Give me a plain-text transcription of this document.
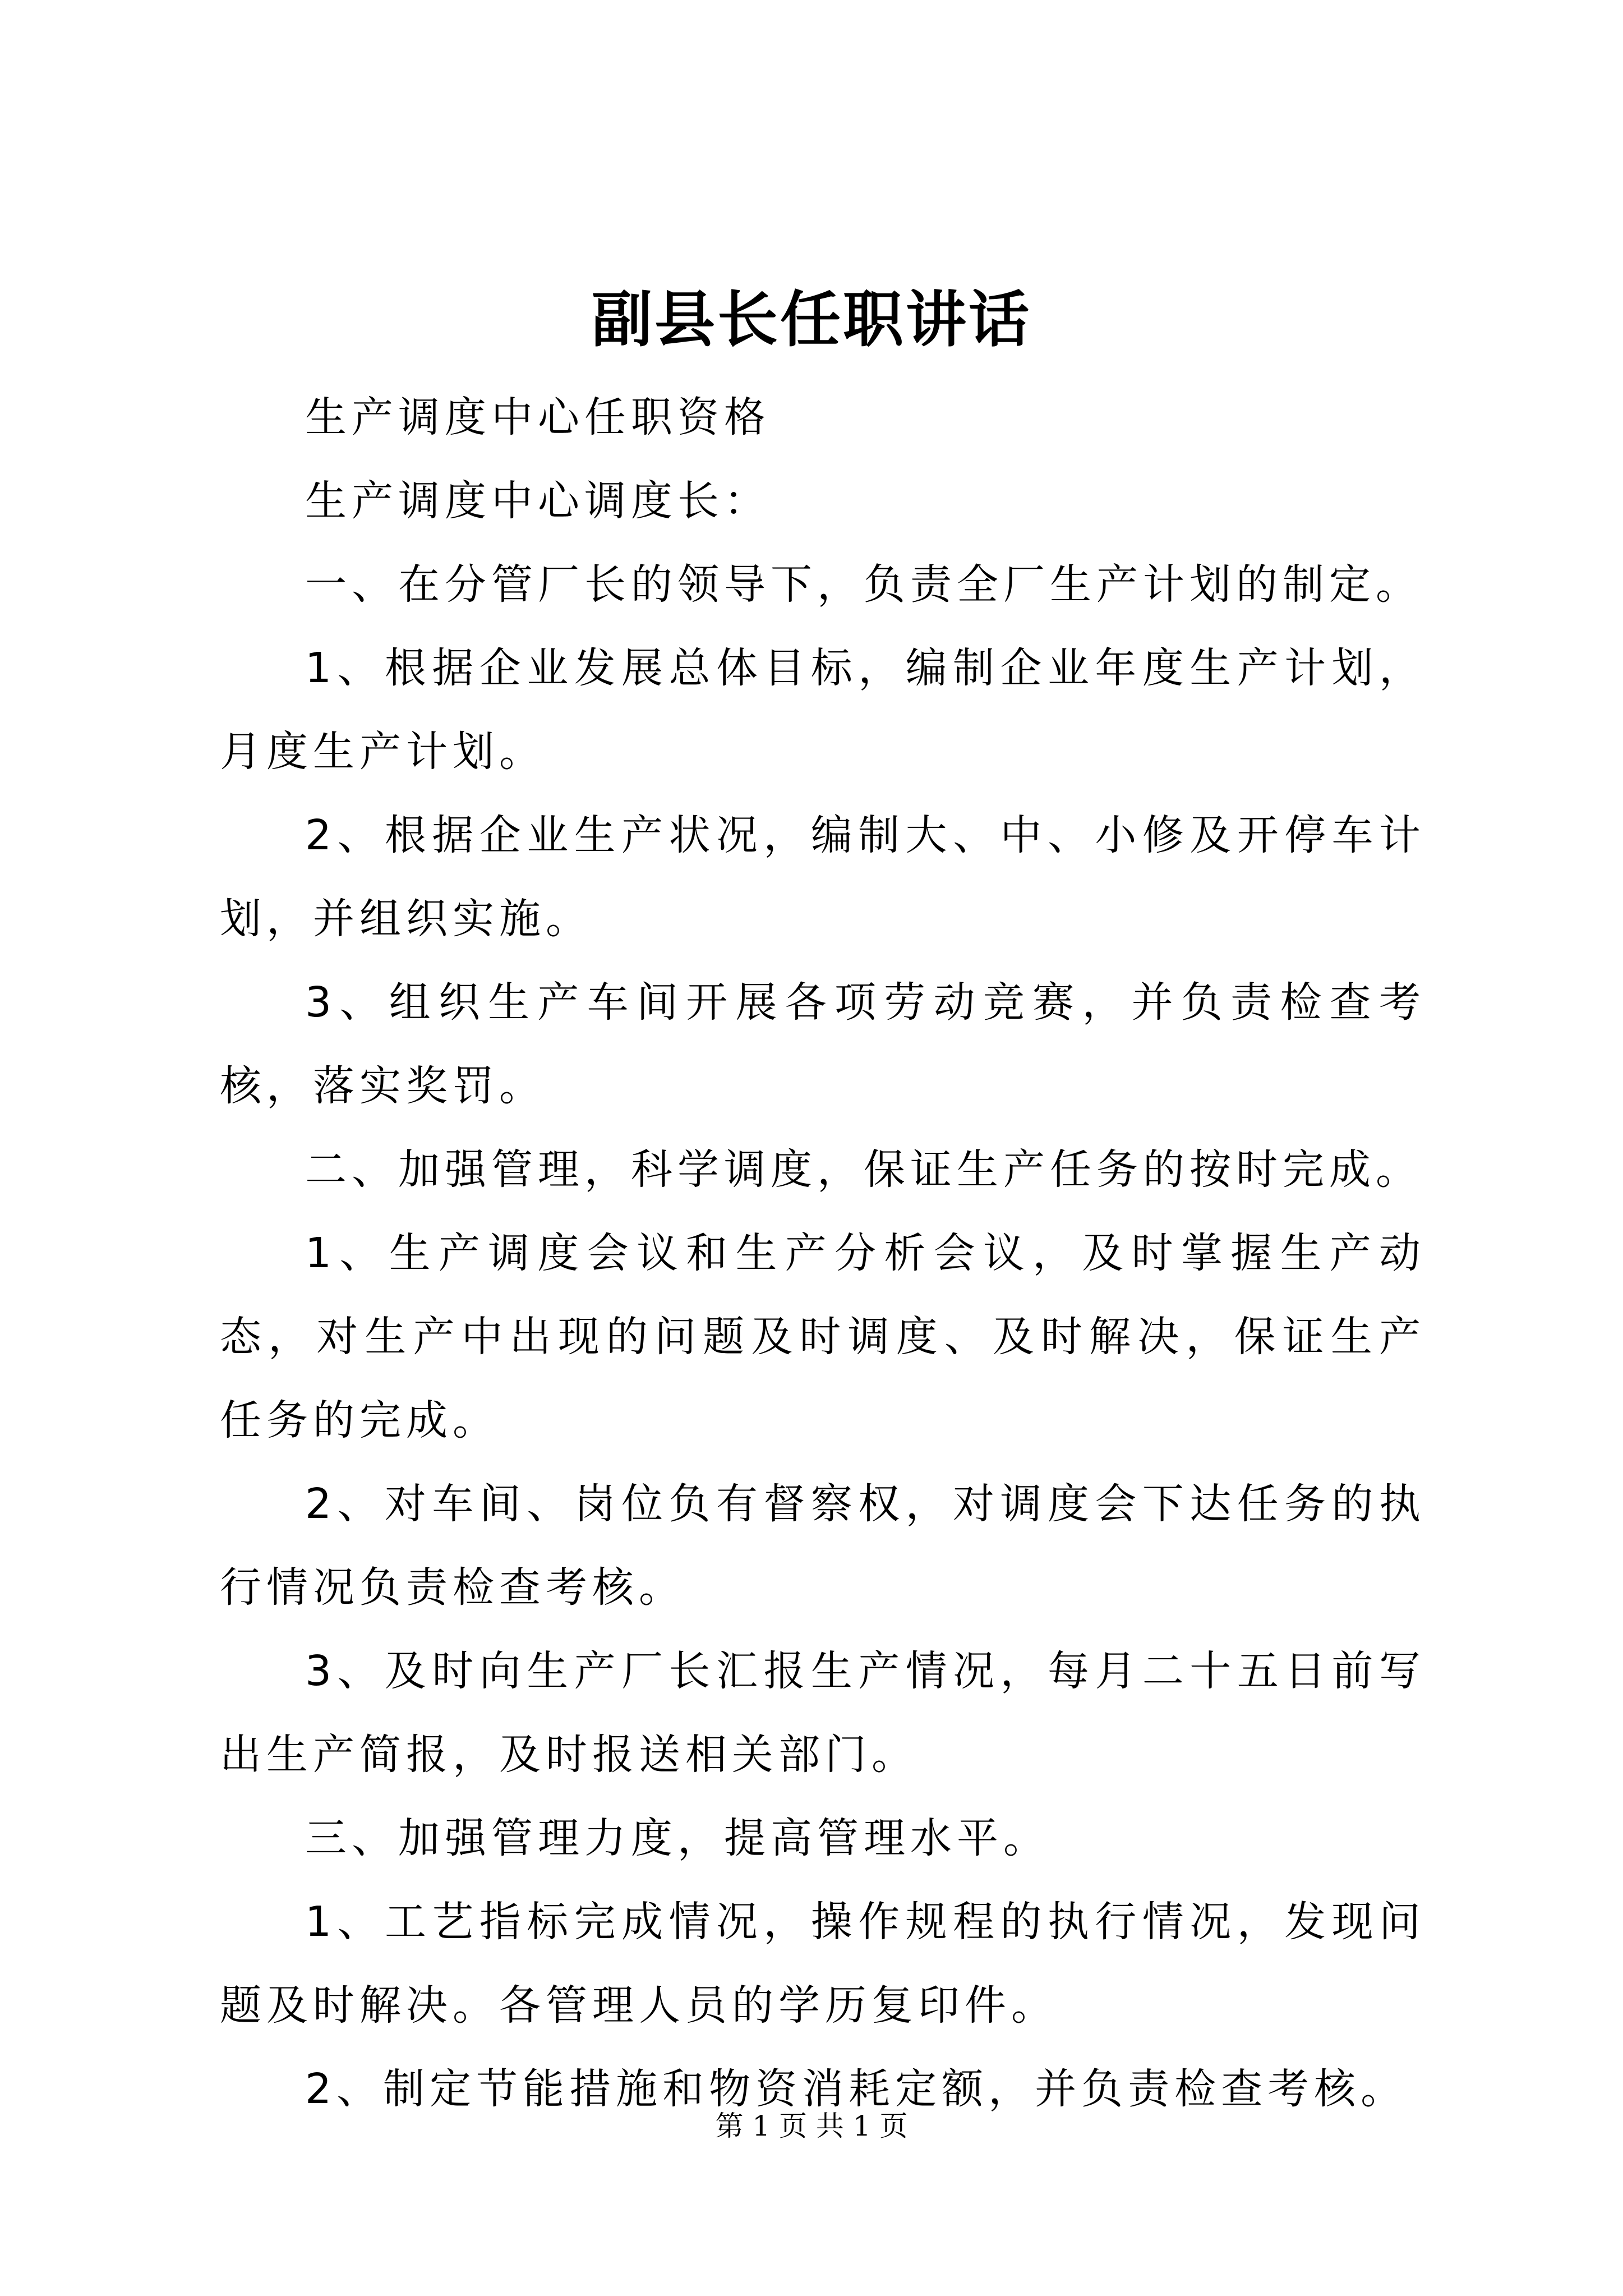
副县长任职讲话

生产调度中心任职资格

生产调度中心调度长：

一、在分管厂长的领导下，负责全厂生产计划的制定。

1、根据企业发展总体目标，编制企业年度生产计划，月度生产计划。

2、根据企业生产状况，编制大、中、小修及开停车计划，并组织实施。

3、组织生产车间开展各项劳动竞赛，并负责检查考核，落实奖罚。

二、加强管理，科学调度，保证生产任务的按时完成。

1、生产调度会议和生产分析会议，及时掌握生产动态，对生产中出现的问题及时调度、及时解决，保证生产任务的完成。

2、对车间、岗位负有督察权，对调度会下达任务的执行情况负责检查考核。

3、及时向生产厂长汇报生产情况，每月二十五日前写出生产简报，及时报送相关部门。

三、加强管理力度，提高管理水平。

1、工艺指标完成情况，操作规程的执行情况，发现问题及时解决。各管理人员的学历复印件。

2、制定节能措施和物资消耗定额，并负责检查考核。

第 1 页 共 1 页
